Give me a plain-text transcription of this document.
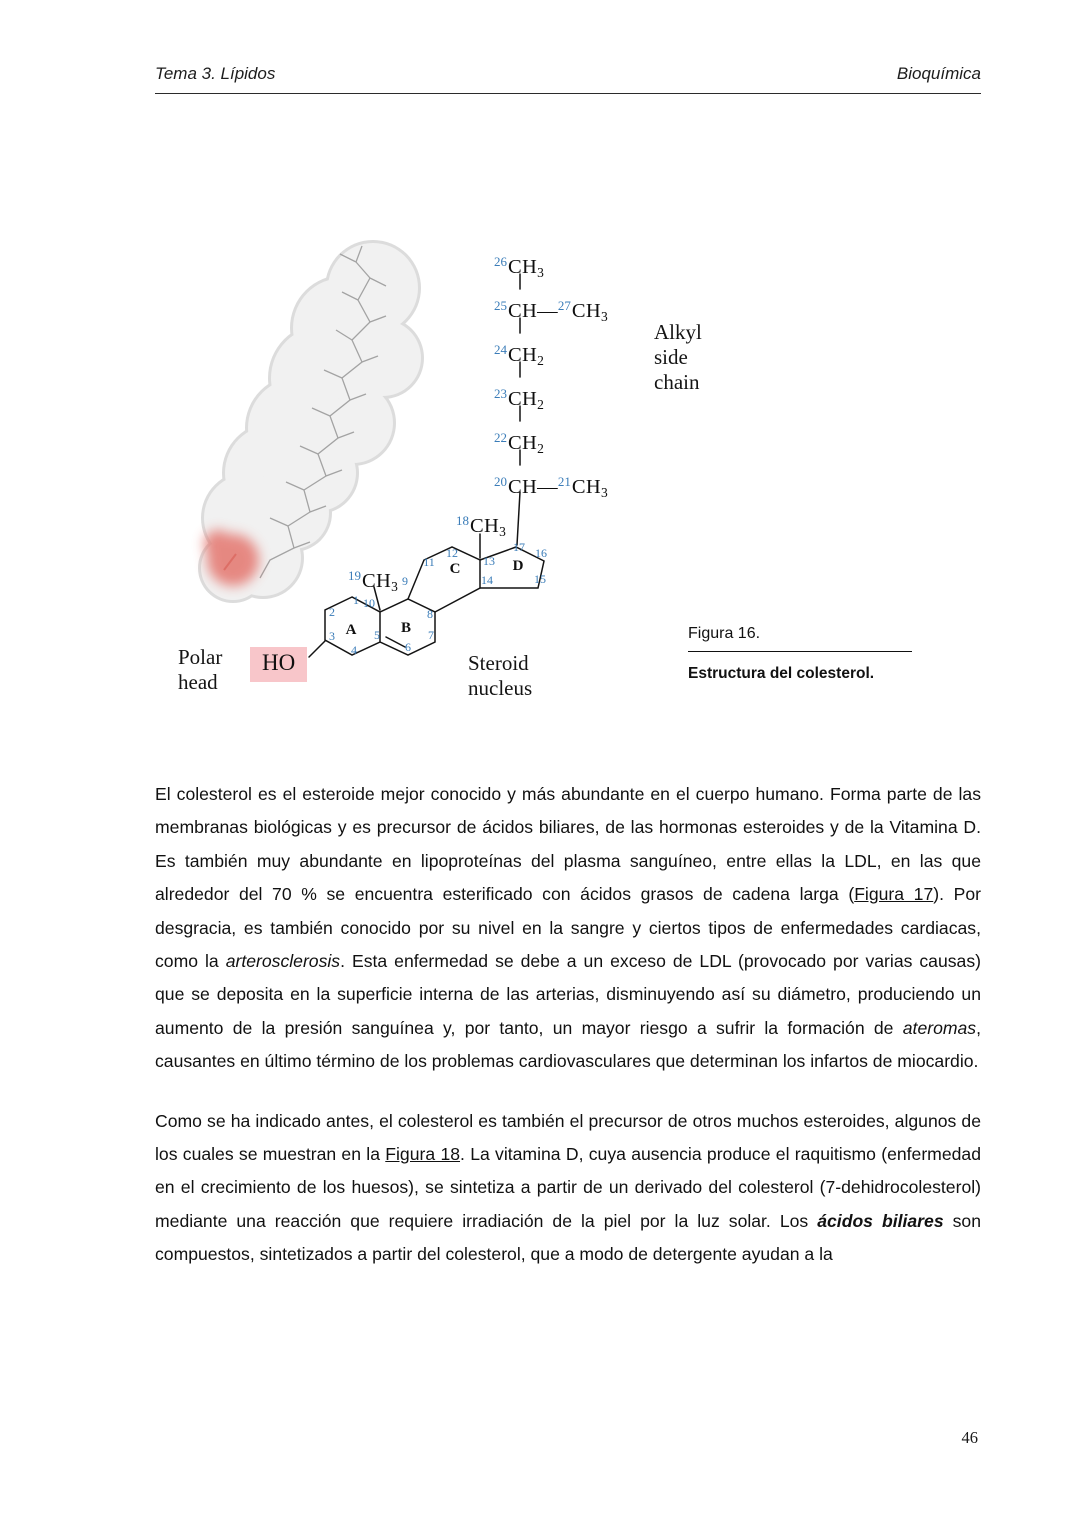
Tema 3. Lípidos	Bioquímica
1
2
3
4
5
6
7
8
9
10
11
12
13
14	15
16
17
A	B
C	D
$^{26}$CH3
$^{25}$CH—$^{27}$CH3
$^{24}$CH2
$^{23}$CH2
$^{22}$CH2
$^{20}$CH—$^{21}$CH3
$^{18}$CH3
$^{19}$CH3
HO
Polar
head
Steroid
nucleus
Alkyl
side
chain
Figura 16.
Estructura del colesterol.

El colesterol es el esteroide mejor conocido y más abundante en el cuerpo humano. Forma parte de las membranas biológicas y es precursor de ácidos biliares, de las hormonas esteroides y de la Vitamina D. Es también muy abundante en lipoproteínas del plasma sanguíneo, entre ellas la LDL, en las que alrededor del 70 % se encuentra esterificado con ácidos grasos de cadena larga (Figura 17). Por desgracia, es también conocido por su nivel en la sangre y ciertos tipos de enfermedades cardiacas, como la arterosclerosis. Esta enfermedad se debe a un exceso de LDL (provocado por varias causas) que se deposita en la superficie interna de las arterias, disminuyendo así su diámetro, produciendo un aumento de la presión sanguínea y, por tanto, un mayor riesgo a sufrir la formación de ateromas, causantes en último término de los problemas cardiovasculares que determinan los infartos de miocardio.

Como se ha indicado antes, el colesterol es también el precursor de otros muchos esteroides, algunos de los cuales se muestran en la Figura 18. La vitamina D, cuya ausencia produce el raquitismo (enfermedad en el crecimiento de los huesos), se sintetiza a partir de un derivado del colesterol (7-dehidrocolesterol) mediante una reacción que requiere irradiación de la piel por la luz solar. Los ácidos biliares son compuestos, sintetizados a partir del colesterol, que a modo de detergente ayudan a la

46
